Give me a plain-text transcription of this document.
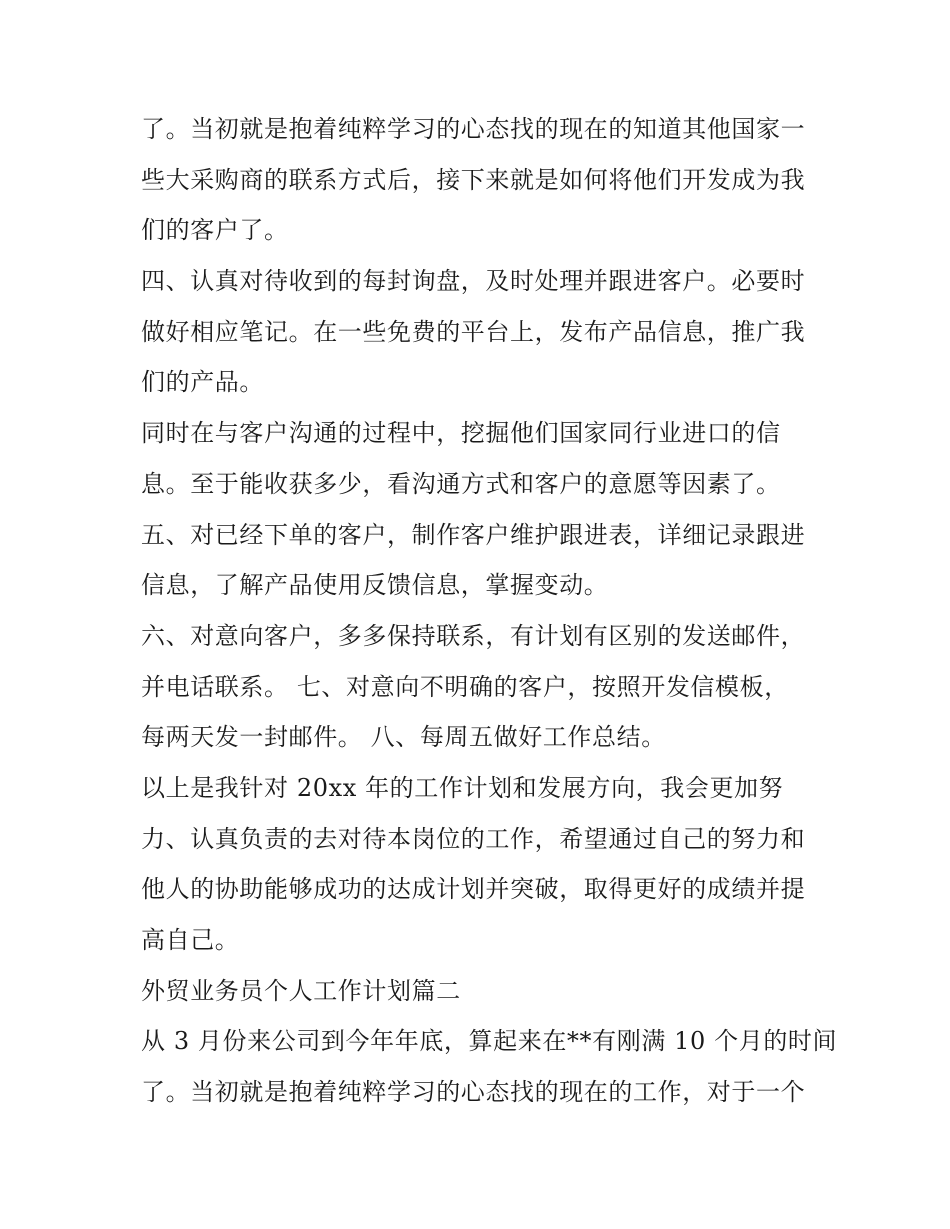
了。当初就是抱着纯粹学习的心态找的现在的知道其他国家一
些大采购商的联系方式后，接下来就是如何将他们开发成为我
们的客户了。
四、认真对待收到的每封询盘，及时处理并跟进客户。必要时
做好相应笔记。在一些免费的平台上，发布产品信息，推广我
们的产品。
同时在与客户沟通的过程中，挖掘他们国家同行业进口的信
息。至于能收获多少，看沟通方式和客户的意愿等因素了。
五、对已经下单的客户，制作客户维护跟进表，详细记录跟进
信息，了解产品使用反馈信息，掌握变动。
六、对意向客户，多多保持联系，有计划有区别的发送邮件，
并电话联系。 七、对意向不明确的客户，按照开发信模板，
每两天发一封邮件。 八、每周五做好工作总结。
以上是我针对 20xx 年的工作计划和发展方向，我会更加努
力、认真负责的去对待本岗位的工作，希望通过自己的努力和
他人的协助能够成功的达成计划并突破，取得更好的成绩并提
高自己。
外贸业务员个人工作计划篇二
从 3 月份来公司到今年年底，算起来在**有刚满 10 个月的时间
了。当初就是抱着纯粹学习的心态找的现在的工作，对于一个
